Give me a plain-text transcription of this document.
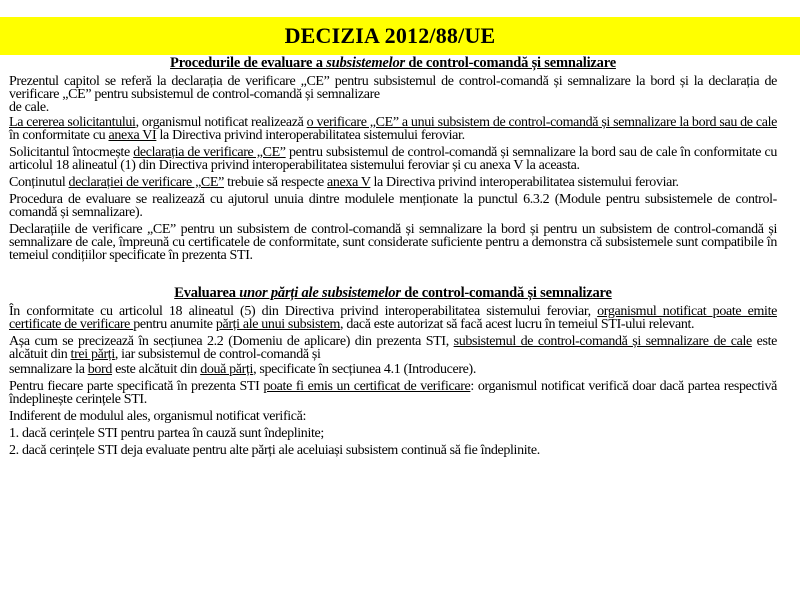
DECIZIA 2012/88/UE
Procedurile de evaluare a subsistemelor de control-comandă și semnalizare

Prezentul capitol se referă la declarația de verificare „CE” pentru subsistemul de control-comandă și semnalizare la bord și la declarația de verificare „CE” pentru subsistemul de control-comandă și semnalizare
de cale.

La cererea solicitantului, organismul notificat realizează o verificare „CE” a unui subsistem de control-comandă și semnalizare la bord sau de cale în conformitate cu anexa VI la Directiva privind interoperabilitatea sistemului feroviar.

Solicitantul întocmește declarația de verificare „CE” pentru subsistemul de control-comandă și semnalizare la bord sau de cale în conformitate cu articolul 18 alineatul (1) din Directiva privind interoperabilitatea sistemului feroviar și cu anexa V la aceasta.

Conținutul declarației de verificare „CE” trebuie să respecte anexa V la Directiva privind interoperabilitatea sistemului feroviar.

Procedura de evaluare se realizează cu ajutorul unuia dintre modulele menționate la punctul 6.3.2 (Module pentru subsistemele de control-comandă și semnalizare).

Declarațiile de verificare „CE” pentru un subsistem de control-comandă și semnalizare la bord și pentru un subsistem de control-comandă și semnalizare de cale, împreună cu certificatele de conformitate, sunt considerate suficiente pentru a demonstra că subsistemele sunt compatibile în temeiul condițiilor specificate în prezenta STI.

Evaluarea unor părți ale subsistemelor de control-comandă și semnalizare

În conformitate cu articolul 18 alineatul (5) din Directiva privind interoperabilitatea sistemului feroviar, organismul notificat poate emite certificate de verificare pentru anumite părți ale unui subsistem, dacă este autorizat să facă acest lucru în temeiul STI-ului relevant.

Așa cum se precizează în secțiunea 2.2 (Domeniu de aplicare) din prezenta STI, subsistemul de control-comandă și semnalizare de cale este alcătuit din trei părți, iar subsistemul de control-comandă și

semnalizare la bord este alcătuit din două părți, specificate în secțiunea 4.1 (Introducere).

Pentru fiecare parte specificată în prezenta STI poate fi emis un certificat de verificare: organismul notificat verifică doar dacă partea respectivă îndeplinește cerințele STI.

Indiferent de modulul ales, organismul notificat verifică:

1. dacă cerințele STI pentru partea în cauză sunt îndeplinite;

2. dacă cerințele STI deja evaluate pentru alte părți ale aceluiași subsistem continuă să fie îndeplinite.
